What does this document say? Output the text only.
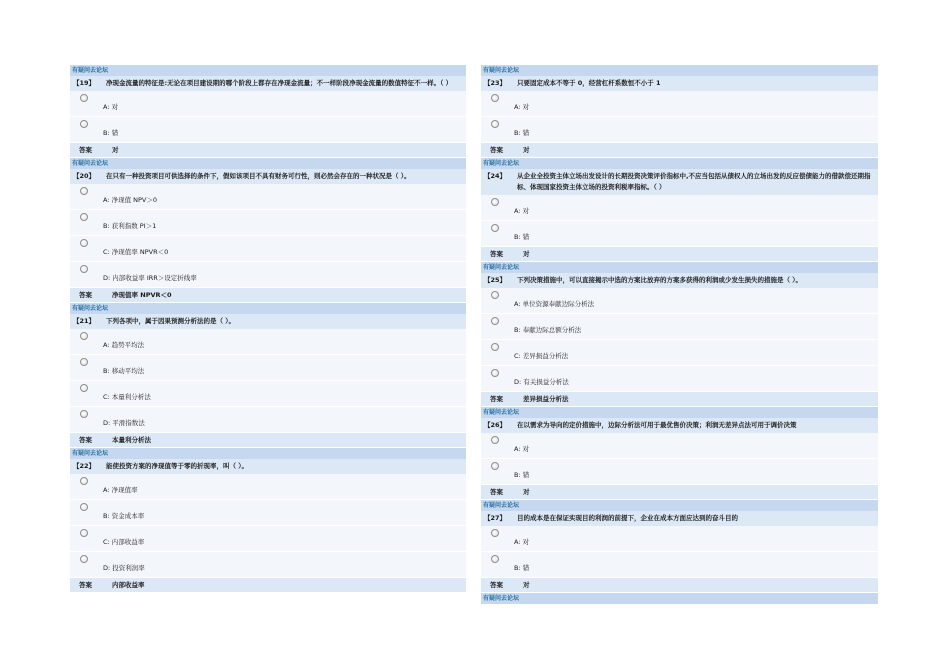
有疑问去论坛
【19】	净现金流量的特征是:无论在项目建设期的哪个阶段上都存在净现金流量；不一样阶段净现金流量的数值特征不一样。（ ）
A: 对
B: 错
答案	对
有疑问去论坛
【20】	在只有一种投资项目可供选择的条件下，假如该项目不具有财务可行性，则必然会存在的一种状况是（ ）。
A: 净现值 NPV＞0
B: 获利指数 PI＞1
C: 净现值率 NPVR＜0
D: 内部收益率 IRR＞设定折线率
答案	净现值率 NPVR＜0
有疑问去论坛
【21】	下列各项中，属于因果预测分析法的是（ ）。
A: 趋势平均法
B: 移动平均法
C: 本量利分析法
D: 平滑指数法
答案	本量利分析法
有疑问去论坛
【22】	能使投资方案的净现值等于零的折现率，叫（ ）。
A: 净现值率
B: 资金成本率
C: 内部收益率
D: 投资利润率
答案	内部收益率
有疑问去论坛
【23】	只要固定成本不等于 0，经营杠杆系数恒不小于 1
A: 对
B: 错
答案	对
有疑问去论坛
【24】	从企业全投资主体立场出发设计的长期投资决策评价指标中,不应当包括从债权人的立场出发的反应偿债能力的借款偿还期指标、体现国家投资主体立场的投资利税率指标。（ ）
A: 对
B: 错
答案	对
有疑问去论坛
【25】	下列决策措施中，可以直接揭示中选的方案比放弃的方案多获得的利润或少发生损失的措施是（ ）。
A: 单位资源奉献边际分析法
B: 奉献边际总额分析法
C: 差异损益分析法
D: 有关损益分析法
答案	差异损益分析法
有疑问去论坛
【26】	在以需求为导向的定价措施中，边际分析法可用于最优售价决策；利润无差异点法可用于调价决策
A: 对
B: 错
答案	对
有疑问去论坛
【27】	目的成本是在保证实现目的利润的前提下，企业在成本方面应达到的奋斗目的
A: 对
B: 错
答案	对
有疑问去论坛
